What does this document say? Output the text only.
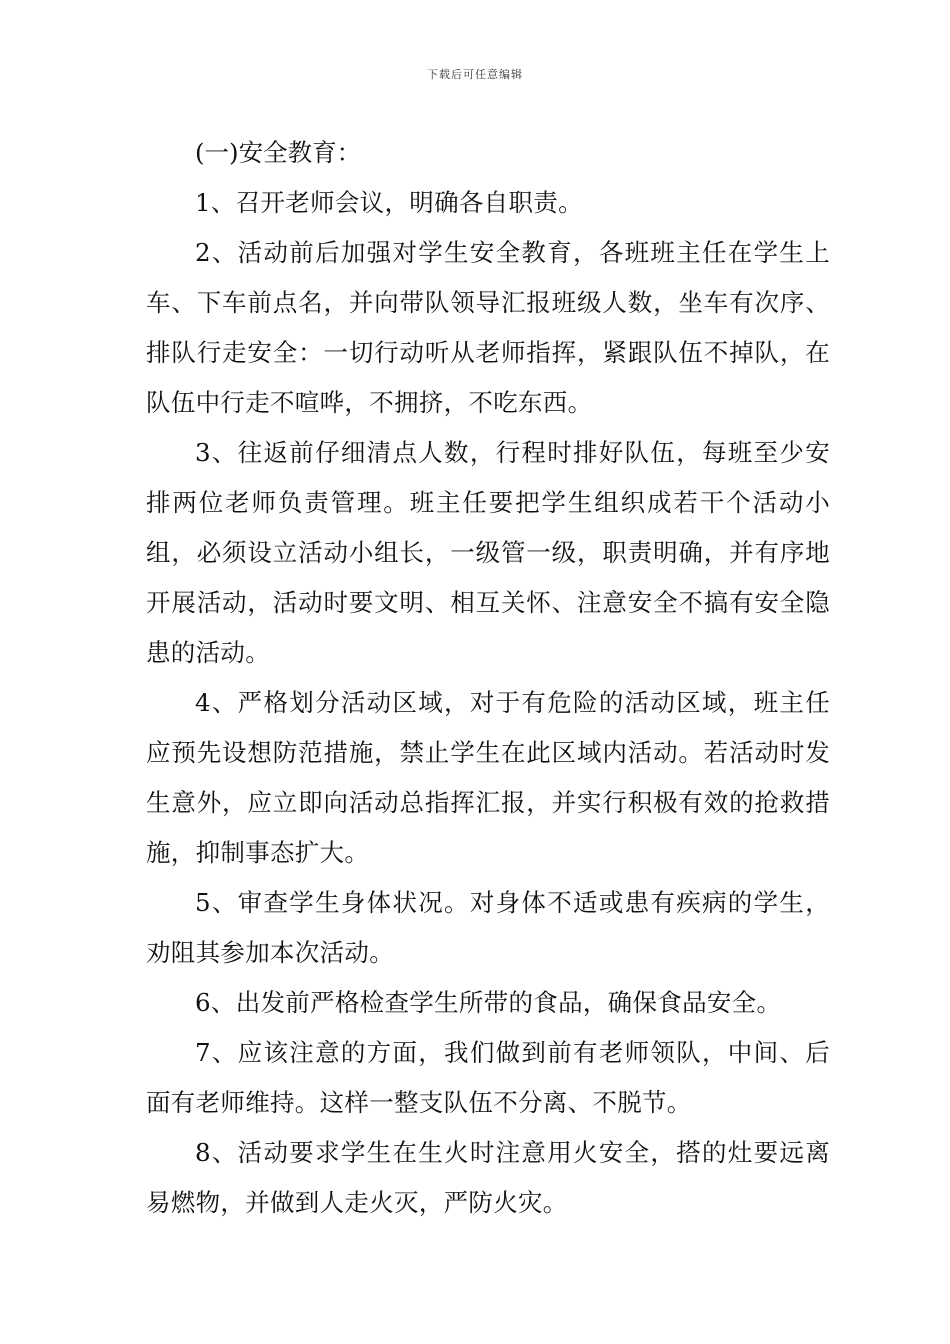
下载后可任意编辑

(一)安全教育：

1、召开老师会议，明确各自职责。

2、活动前后加强对学生安全教育，各班班主任在学生上车、下车前点名，并向带队领导汇报班级人数，坐车有次序、排队行走安全：一切行动听从老师指挥，紧跟队伍不掉队，在队伍中行走不喧哗，不拥挤，不吃东西。

3、往返前仔细清点人数，行程时排好队伍，每班至少安排两位老师负责管理。班主任要把学生组织成若干个活动小组，必须设立活动小组长，一级管一级，职责明确，并有序地开展活动，活动时要文明、相互关怀、注意安全不搞有安全隐患的活动。

4、严格划分活动区域，对于有危险的活动区域，班主任应预先设想防范措施，禁止学生在此区域内活动。若活动时发生意外，应立即向活动总指挥汇报，并实行积极有效的抢救措施，抑制事态扩大。

5、审查学生身体状况。对身体不适或患有疾病的学生，劝阻其参加本次活动。

6、出发前严格检查学生所带的食品，确保食品安全。

7、应该注意的方面，我们做到前有老师领队，中间、后面有老师维持。这样一整支队伍不分离、不脱节。

8、活动要求学生在生火时注意用火安全，搭的灶要远离易燃物，并做到人走火灭，严防火灾。
